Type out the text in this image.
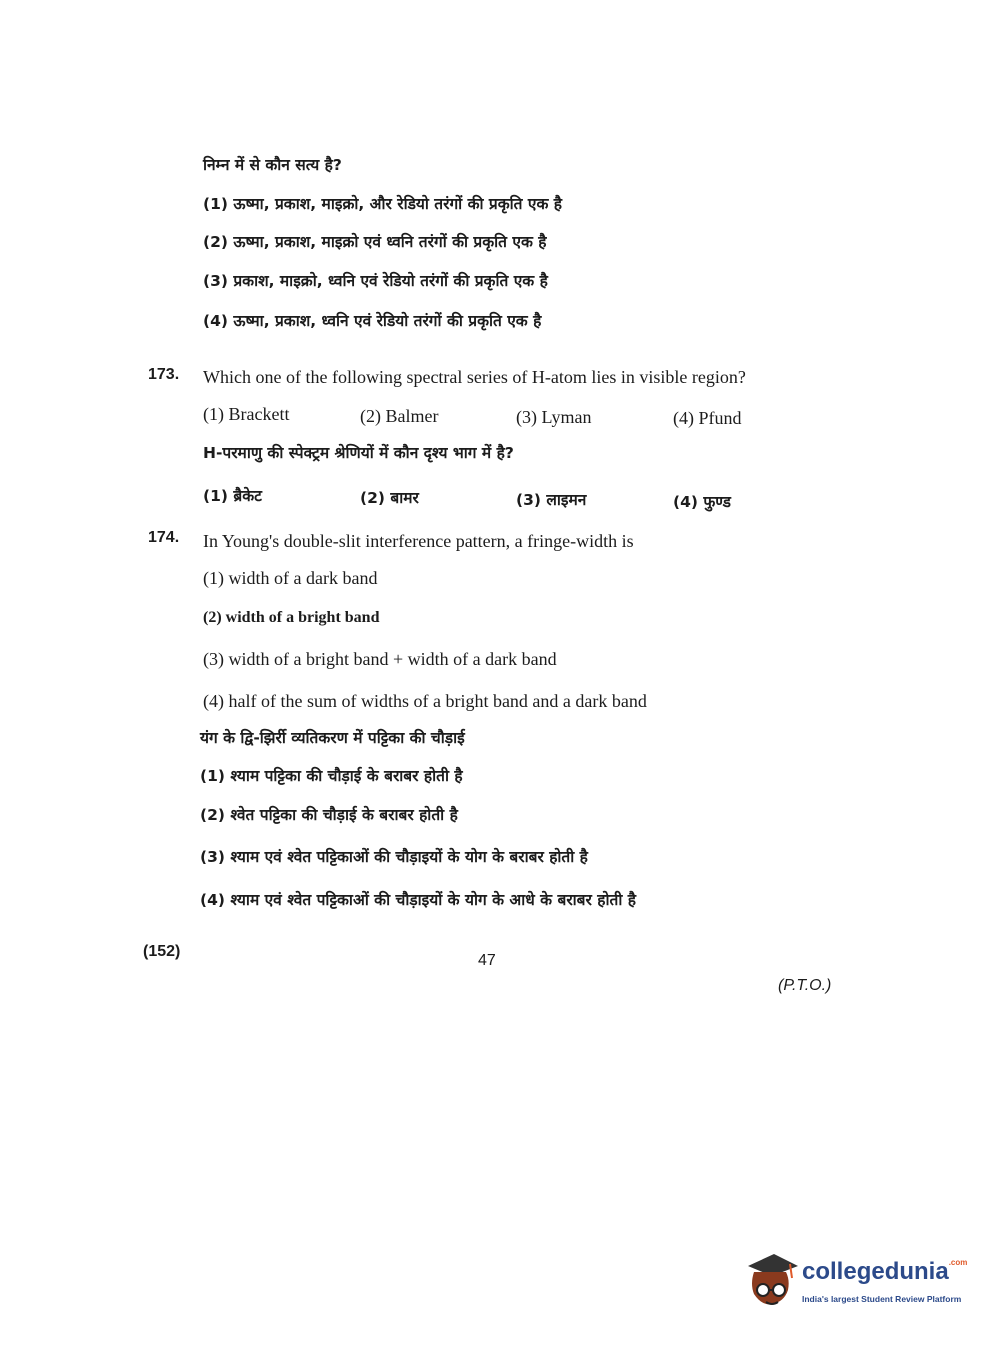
निम्न में से कौन सत्य है?
(1) ऊष्मा, प्रकाश, माइक्रो, और रेडियो तरंगों की प्रकृति एक है
(2) ऊष्मा, प्रकाश, माइक्रो एवं ध्वनि तरंगों की प्रकृति एक है
(3) प्रकाश, माइक्रो, ध्वनि एवं रेडियो तरंगों की प्रकृति एक है
(4) ऊष्मा, प्रकाश, ध्वनि एवं रेडियो तरंगों की प्रकृति एक है
173. Which one of the following spectral series of H-atom lies in visible region?
(1) Brackett	(2) Balmer	(3) Lyman	(4) Pfund
H-परमाणु की स्पेक्ट्रम श्रेणियों में कौन दृश्य भाग में है?
(1) ब्रैकेट	(2) बामर	(3) लाइमन	(4) फुण्ड
174. In Young's double-slit interference pattern, a fringe-width is
(1) width of a dark band
(2) width of a bright band
(3) width of a bright band + width of a dark band
(4) half of the sum of widths of a bright band and a dark band
यंग के द्वि-झिर्री व्यतिकरण में पट्टिका की चौड़ाई
(1) श्याम पट्टिका की चौड़ाई के बराबर होती है
(2) श्वेत पट्टिका की चौड़ाई के बराबर होती है
(3) श्याम एवं श्वेत पट्टिकाओं की चौड़ाइयों के योग के बराबर होती है
(4) श्याम एवं श्वेत पट्टिकाओं की चौड़ाइयों के योग के आधे के बराबर होती है
(152)
47
(P.T.O.)
collegedunia$^{.com}$
India's largest Student Review Platform
